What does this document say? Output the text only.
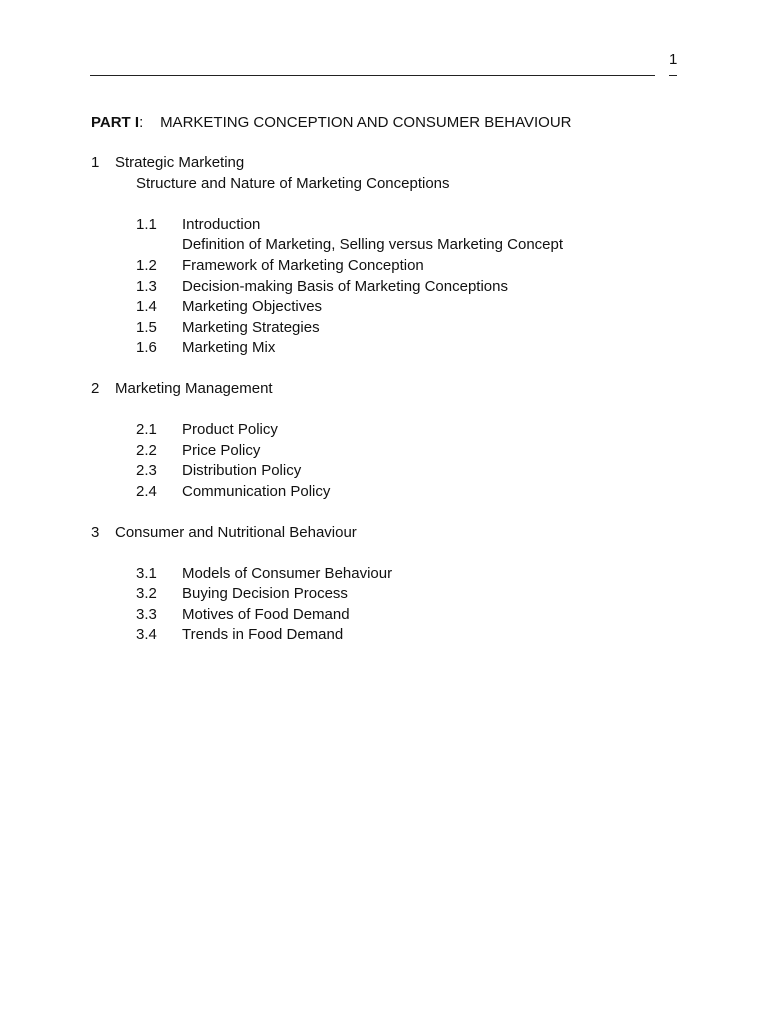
1
PART I: MARKETING CONCEPTION AND CONSUMER BEHAVIOUR
1 Strategic Marketing
Structure and Nature of Marketing Conceptions
1.1 Introduction
Definition of Marketing, Selling versus Marketing Concept
1.2 Framework of Marketing Conception
1.3 Decision-making Basis of Marketing Conceptions
1.4 Marketing Objectives
1.5 Marketing Strategies
1.6 Marketing Mix
2 Marketing Management
2.1 Product Policy
2.2 Price Policy
2.3 Distribution Policy
2.4 Communication Policy
3 Consumer and Nutritional Behaviour
3.1 Models of Consumer Behaviour
3.2 Buying Decision Process
3.3 Motives of Food Demand
3.4 Trends in Food Demand
